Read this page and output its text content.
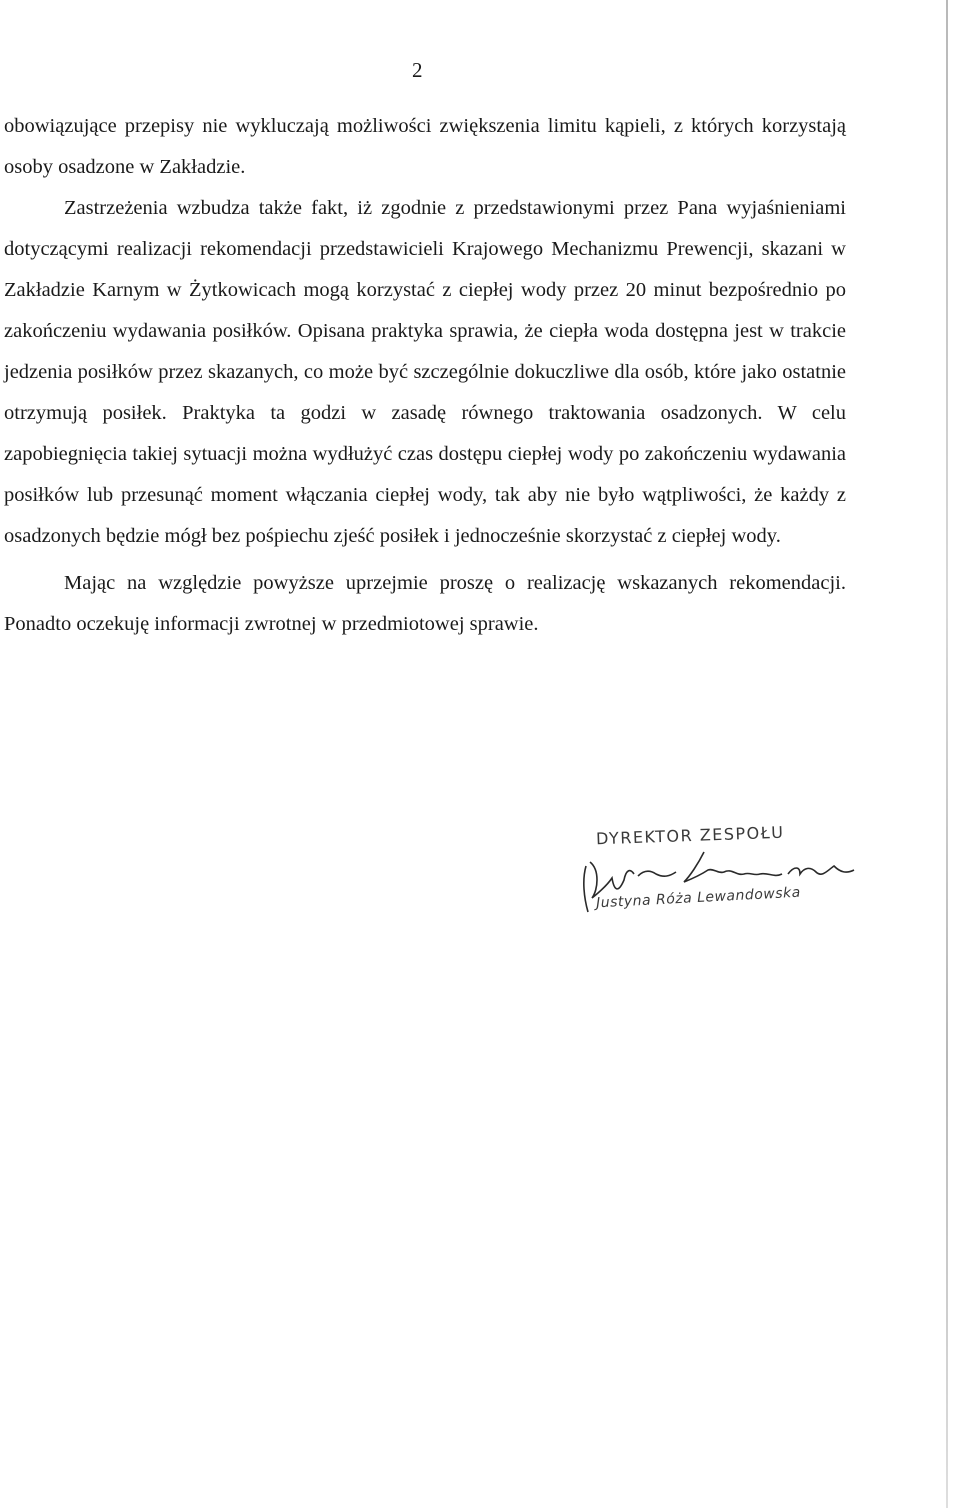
2

obowiązujące przepisy nie wykluczają możliwości zwiększenia limitu kąpieli, z których korzystają osoby osadzone w Zakładzie.

Zastrzeżenia wzbudza także fakt, iż zgodnie z przedstawionymi przez Pana wyjaśnieniami dotyczącymi realizacji rekomendacji przedstawicieli Krajowego Mechanizmu Prewencji, skazani w Zakładzie Karnym w Żytkowicach mogą korzystać z ciepłej wody przez 20 minut bezpośrednio po zakończeniu wydawania posiłków. Opisana praktyka sprawia, że ciepła woda dostępna jest w trakcie jedzenia posiłków przez skazanych, co może być szczególnie dokuczliwe dla osób, które jako ostatnie otrzymują posiłek. Praktyka ta godzi w zasadę równego traktowania osadzonych. W celu zapobiegnięcia takiej sytuacji można wydłużyć czas dostępu ciepłej wody po zakończeniu wydawania posiłków lub przesunąć moment włączania ciepłej wody, tak aby nie było wątpliwości, że każdy z osadzonych będzie mógł bez pośpiechu zjeść posiłek i jednocześnie skorzystać z ciepłej wody.

Mając na względzie powyższe uprzejmie proszę o realizację wskazanych rekomendacji. Ponadto oczekuję informacji zwrotnej w przedmiotowej sprawie.

DYREKTOR ZESPOŁU
Justyna Róża Lewandowska
